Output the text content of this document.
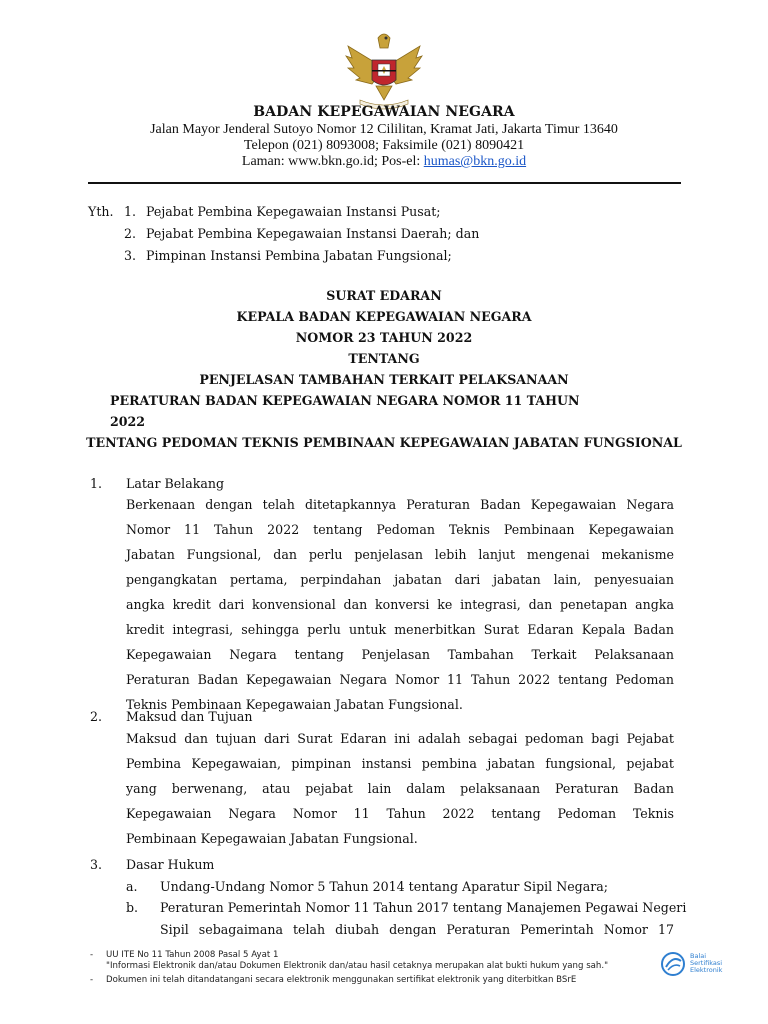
BADAN KEPEGAWAIAN NEGARA
Jalan Mayor Jenderal Sutoyo Nomor 12 Cililitan, Kramat Jati, Jakarta Timur 13640
Telepon (021) 8093008; Faksimile (021) 8090421
Laman: www.bkn.go.id; Pos-el: humas@bkn.go.id
Yth. 1. Pejabat Pembina Kepegawaian Instansi Pusat;
2. Pejabat Pembina Kepegawaian Instansi Daerah; dan
3. Pimpinan Instansi Pembina Jabatan Fungsional;
SURAT EDARAN
KEPALA BADAN KEPEGAWAIAN NEGARA
NOMOR 23 TAHUN 2022
TENTANG
PENJELASAN TAMBAHAN TERKAIT PELAKSANAAN
PERATURAN BADAN KEPEGAWAIAN NEGARA NOMOR 11 TAHUN
2022
TENTANG PEDOMAN TEKNIS PEMBINAAN KEPEGAWAIAN JABATAN FUNGSIONAL
1. Latar Belakang
Berkenaan dengan telah ditetapkannya Peraturan Badan Kepegawaian Negara
Nomor 11 Tahun 2022 tentang Pedoman Teknis Pembinaan Kepegawaian
Jabatan Fungsional, dan perlu penjelasan lebih lanjut mengenai mekanisme
pengangkatan pertama, perpindahan jabatan dari jabatan lain, penyesuaian
angka kredit dari konvensional dan konversi ke integrasi, dan penetapan angka
kredit integrasi, sehingga perlu untuk menerbitkan Surat Edaran Kepala Badan
Kepegawaian Negara tentang Penjelasan Tambahan Terkait Pelaksanaan
Peraturan Badan Kepegawaian Negara Nomor 11 Tahun 2022 tentang Pedoman
Teknis Pembinaan Kepegawaian Jabatan Fungsional.
2. Maksud dan Tujuan
Maksud dan tujuan dari Surat Edaran ini adalah sebagai pedoman bagi Pejabat
Pembina Kepegawaian, pimpinan instansi pembina jabatan fungsional, pejabat
yang berwenang, atau pejabat lain dalam pelaksanaan Peraturan Badan
Kepegawaian Negara Nomor 11 Tahun 2022 tentang Pedoman Teknis
Pembinaan Kepegawaian Jabatan Fungsional.
3. Dasar Hukum
a. Undang-Undang Nomor 5 Tahun 2014 tentang Aparatur Sipil Negara;
b. Peraturan Pemerintah Nomor 11 Tahun 2017 tentang Manajemen Pegawai Negeri
Sipil sebagaimana telah diubah dengan Peraturan Pemerintah Nomor 17
- UU ITE No 11 Tahun 2008 Pasal 5 Ayat 1
"Informasi Elektronik dan/atau Dokumen Elektronik dan/atau hasil cetaknya merupakan alat bukti hukum yang sah."
- Dokumen ini telah ditandatangani secara elektronik menggunakan sertifikat elektronik yang diterbitkan BSrE
Balai
Sertifikasi
Elektronik
